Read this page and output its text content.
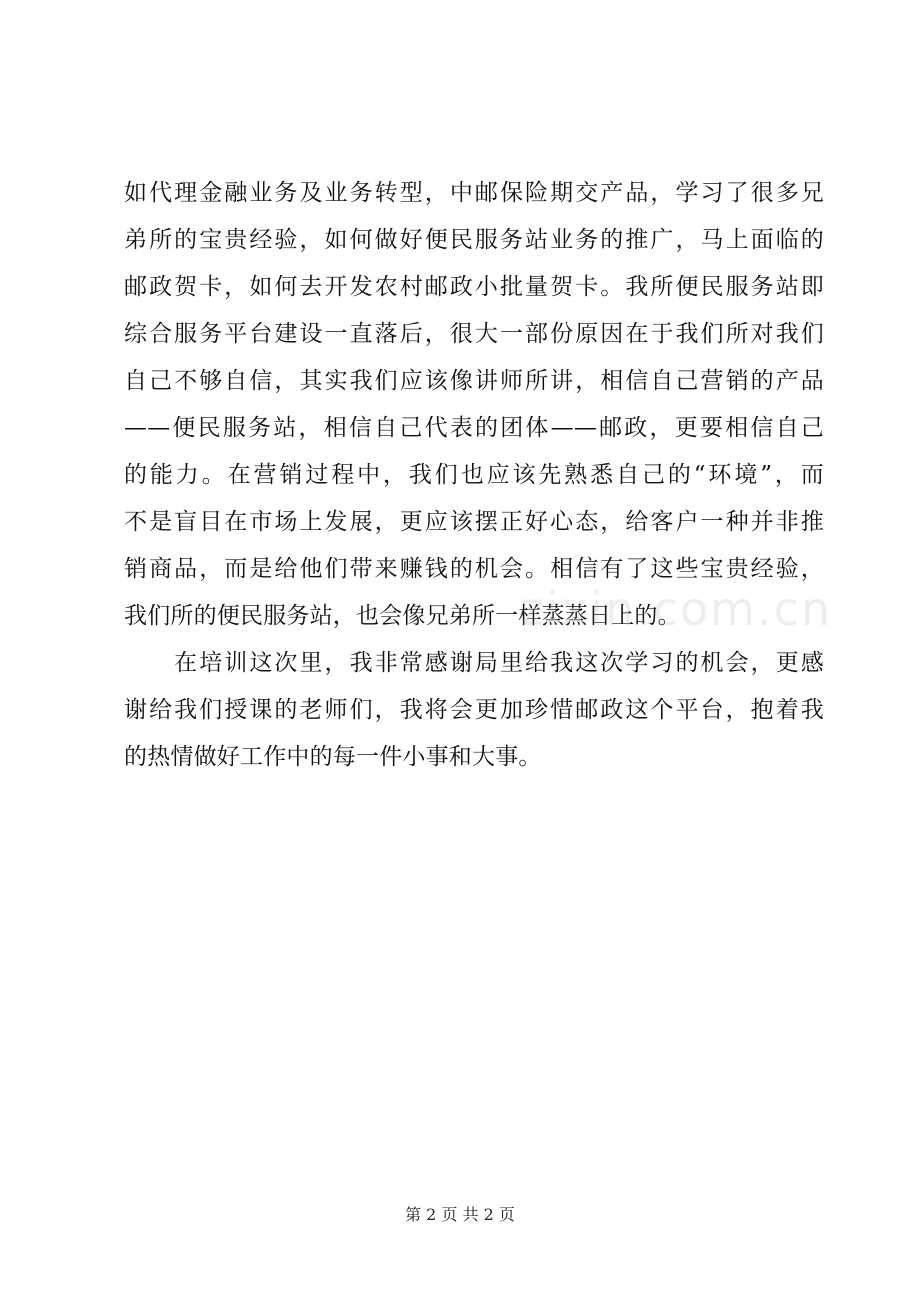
如代理金融业务及业务转型，中邮保险期交产品，学习了很多兄
弟所的宝贵经验，如何做好便民服务站业务的推广，马上面临的
邮政贺卡，如何去开发农村邮政小批量贺卡。我所便民服务站即
综合服务平台建设一直落后，很大一部份原因在于我们所对我们
自己不够自信，其实我们应该像讲师所讲，相信自己营销的产品
——便民服务站，相信自己代表的团体——邮政，更要相信自己
的能力。在营销过程中，我们也应该先熟悉自己的“环境”，而
不是盲目在市场上发展，更应该摆正好心态，给客户一种并非推
销商品，而是给他们带来赚钱的机会。相信有了这些宝贵经验，
我们所的便民服务站，也会像兄弟所一样蒸蒸日上的。
　　在培训这次里，我非常感谢局里给我这次学习的机会，更感
谢给我们授课的老师们，我将会更加珍惜邮政这个平台，抱着我
的热情做好工作中的每一件小事和大事。
zixin.com.cn
第 2 页 共 2 页
